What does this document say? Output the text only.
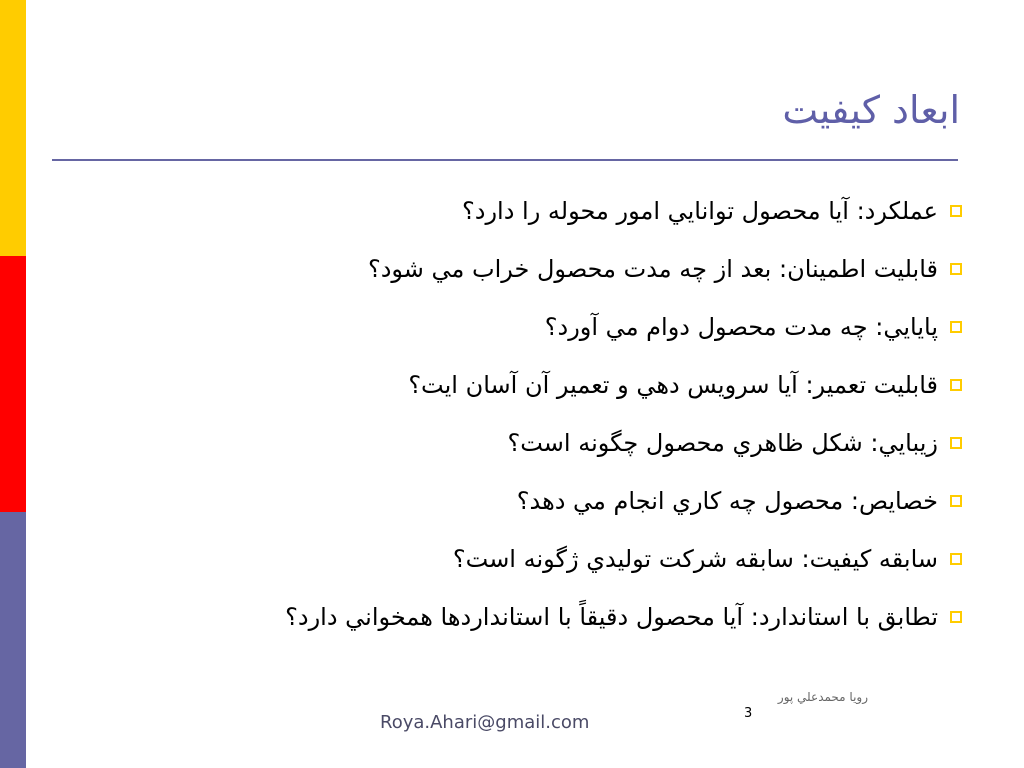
ابعاد کيفيت
عملکرد: آيا محصول توانايي امور محوله را دارد؟
قابليت اطمينان: بعد از چه مدت محصول خراب مي شود؟
پايايي: چه مدت محصول دوام مي آورد؟
قابليت تعمير: آيا سرويس دهي و تعمير آن آسان ايت؟
زيبايي: شکل ظاهري محصول چگونه است؟
خصايص: محصول چه کاري انجام مي دهد؟
سابقه کيفيت: سابقه شرکت توليدي ژگونه است؟
تطابق با استاندارد: آيا محصول دقيقاً با استانداردها همخواني دارد؟
رويا محمدعلي پور
3
Roya.Ahari@gmail.com
